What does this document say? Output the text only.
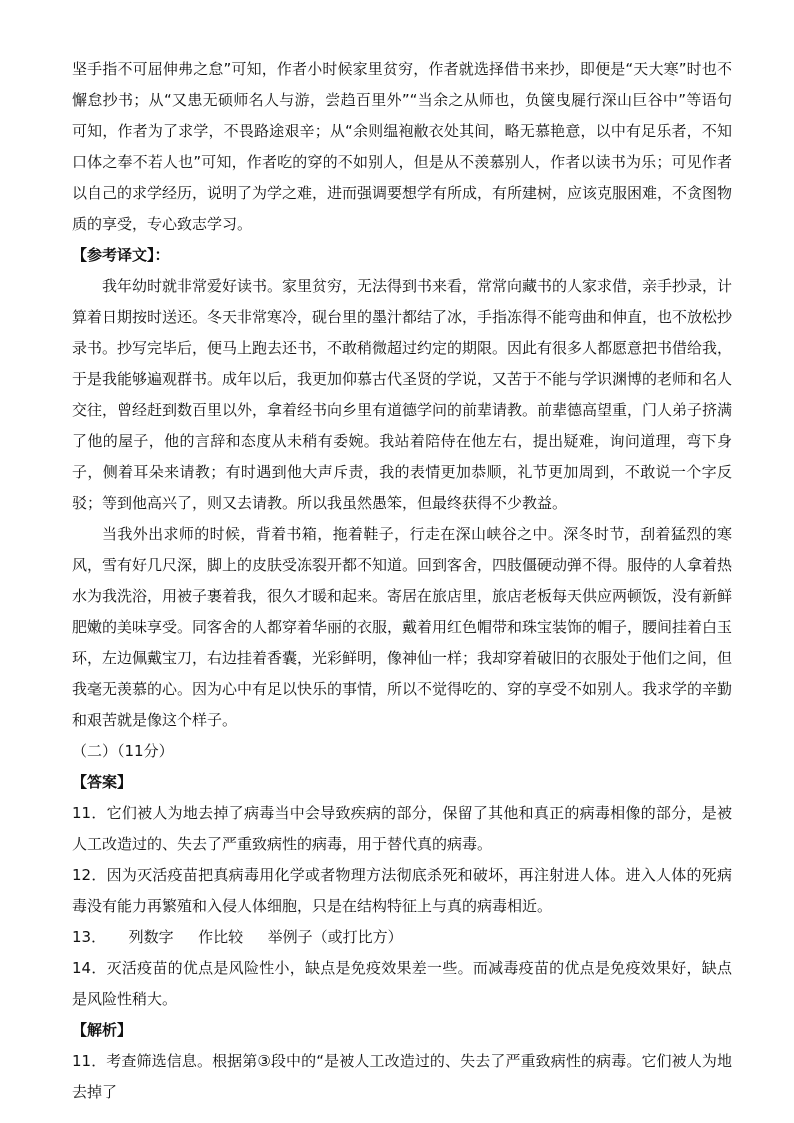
坚手指不可屈伸弗之怠”可知，作者小时候家里贫穷，作者就选择借书来抄，即便是“天大寒”时也不懈怠抄书；从“又患无硕师名人与游，尝趋百里外”“当余之从师也，负箧曳屣行深山巨谷中”等语句可知，作者为了求学，不畏路途艰辛；从“余则缊袍敝衣处其间，略无慕艳意，以中有足乐者，不知口体之奉不若人也”可知，作者吃的穿的不如别人，但是从不羡慕别人，作者以读书为乐；可见作者以自己的求学经历，说明了为学之难，进而强调要想学有所成，有所建树，应该克服困难，不贪图物质的享受，专心致志学习。

【参考译文】：

我年幼时就非常爱好读书。家里贫穷，无法得到书来看，常常向藏书的人家求借，亲手抄录，计算着日期按时送还。冬天非常寒冷，砚台里的墨汁都结了冰，手指冻得不能弯曲和伸直，也不放松抄录书。抄写完毕后，便马上跑去还书，不敢稍微超过约定的期限。因此有很多人都愿意把书借给我，于是我能够遍观群书。成年以后，我更加仰慕古代圣贤的学说，又苦于不能与学识渊博的老师和名人交往，曾经赶到数百里以外，拿着经书向乡里有道德学问的前辈请教。前辈德高望重，门人弟子挤满了他的屋子，他的言辞和态度从未稍有委婉。我站着陪侍在他左右，提出疑难，询问道理，弯下身子，侧着耳朵来请教；有时遇到他大声斥责，我的表情更加恭顺，礼节更加周到，不敢说一个字反驳；等到他高兴了，则又去请教。所以我虽然愚笨，但最终获得不少教益。

当我外出求师的时候，背着书箱，拖着鞋子，行走在深山峡谷之中。深冬时节，刮着猛烈的寒风，雪有好几尺深，脚上的皮肤受冻裂开都不知道。回到客舍，四肢僵硬动弹不得。服侍的人拿着热水为我洗浴，用被子裹着我，很久才暖和起来。寄居在旅店里，旅店老板每天供应两顿饭，没有新鲜肥嫩的美味享受。同客舍的人都穿着华丽的衣服，戴着用红色帽带和珠宝装饰的帽子，腰间挂着白玉环，左边佩戴宝刀，右边挂着香囊，光彩鲜明，像神仙一样；我却穿着破旧的衣服处于他们之间，但我毫无羡慕的心。因为心中有足以快乐的事情，所以不觉得吃的、穿的享受不如别人。我求学的辛勤和艰苦就是像这个样子。

（二）（11分）

【答案】

11．它们被人为地去掉了病毒当中会导致疾病的部分，保留了其他和真正的病毒相像的部分，是被人工改造过的、失去了严重致病性的病毒，用于替代真的病毒。

12．因为灭活疫苗把真病毒用化学或者物理方法彻底杀死和破坏，再注射进人体。进入人体的死病毒没有能力再繁殖和入侵人体细胞，只是在结构特征上与真的病毒相近。

13．　　列数字　  作比较　  举例子（或打比方）

14．灭活疫苗的优点是风险性小，缺点是免疫效果差一些。而减毒疫苗的优点是免疫效果好，缺点是风险性稍大。

【解析】

11．考查筛选信息。根据第③段中的“是被人工改造过的、失去了严重致病性的病毒。它们被人为地去掉了
